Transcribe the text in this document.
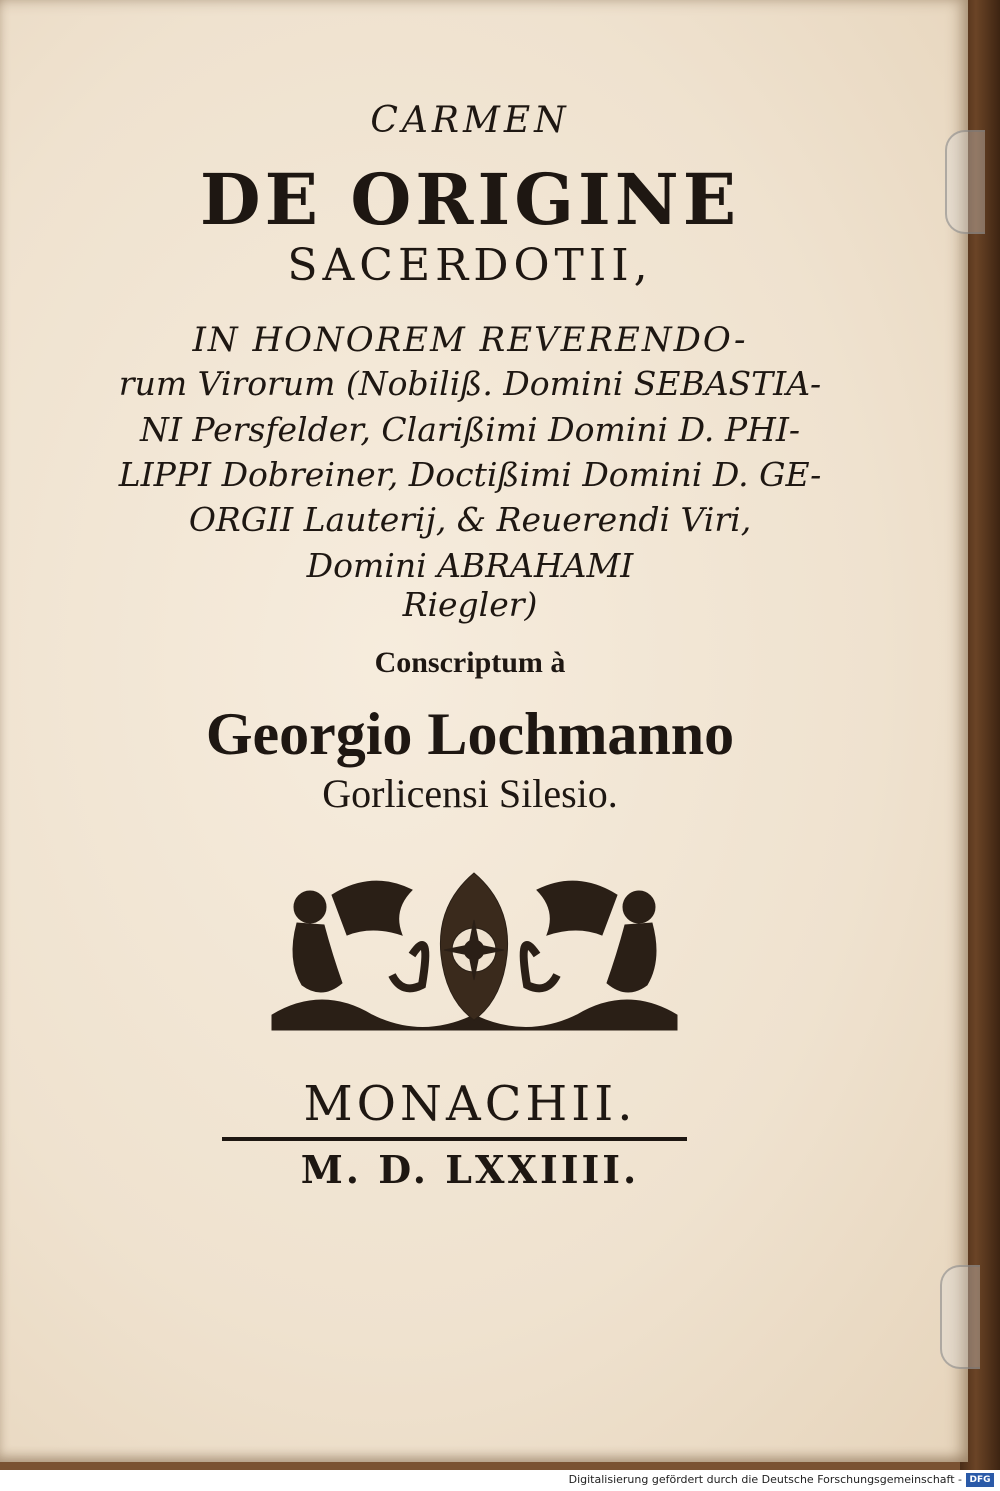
CARMEN
DE ORIGINE
SACERDOTII,
IN HONOREM REVERENDO-
rum Virorum (Nobiliß. Domini SEBASTIA-
NI Persfelder, Clarißimi Domini D. PHI-
LIPPI Dobreiner, Doctißimi Domini D. GE-
ORGII Lauterij, & Reuerendi Viri,
Domini ABRAHAMI
Riegler)
Conscriptum à
Georgio Lochmanno
Gorlicensi Silesio.
MONACHII.
M. D. LXXIIII.
Digitalisierung gefördert durch die Deutsche Forschungsgemeinschaft - DFG
